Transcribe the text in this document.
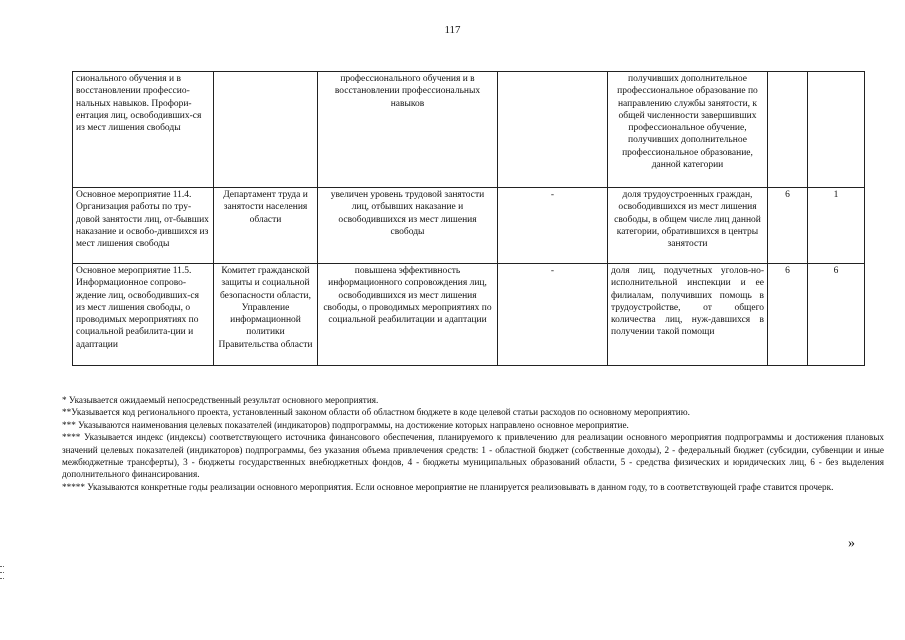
117
сионального обучения и в восстановлении профессио-нальных навыков. Профори-ентация лиц, освободивших-ся из мест лишения свободы		профессионального обучения и в восстановлении профессиональных навыков		получивших дополнительное профессиональное образование по направлению службы занятости, к общей численности завершивших профессиональное обучение, получивших дополнительное профессиональное образование, данной категории		
Основное мероприятие 11.4. Организация работы по тру-довой занятости лиц, от-бывших наказание и освобо-дившихся из мест лишения свободы	Департамент труда и занятости населения области	увеличен уровень трудовой занятости лиц, отбывших наказание и освободившихся из мест лишения свободы	-	доля трудоустроенных граждан, освободившихся из мест лишения свободы, в общем числе лиц данной категории, обратившихся в центры занятости	6	1
Основное мероприятие 11.5. Информационное сопрово-ждение лиц, освободивших-ся из мест лишения свободы, о проводимых мероприятиях по социальной реабилита-ции и адаптации	Комитет гражданской защиты и социальной безопасности области, Управление информационной политики Правительства области	повышена эффективность информационного сопровождения лиц, освободившихся из мест лишения свободы, о проводимых мероприятиях по социальной реабилитации и адаптации	-	доля лиц, подучетных уголов-но-исполнительной инспекции и ее филиалам, получивших помощь в трудоустройстве, от общего количества лиц, нуж-давшихся в получении такой помощи	6	6

* Указывается ожидаемый непосредственный результат основного мероприятия.

**Указывается код регионального проекта, установленный законом области об областном бюджете в коде целевой статьи расходов по основному мероприятию.

*** Указываются наименования целевых показателей (индикаторов) подпрограммы, на достижение которых направлено основное мероприятие.

**** Указывается индекс (индексы) соответствующего источника финансового обеспечения, планируемого к привлечению для реализации основного мероприятия подпрограммы и достижения плановых значений целевых показателей (индикаторов) подпрограммы, без указания объема привлечения средств: 1 - областной бюджет (собственные доходы), 2 - федеральный бюджет (субсидии, субвенции и иные межбюджетные трансферты), 3 - бюджеты государственных внебюджетных фондов, 4 - бюджеты муниципальных образований области, 5 - средства физических и юридических лиц, 6 - без выделения дополнительного финансирования.

***** Указываются конкретные годы реализации основного мероприятия. Если основное мероприятие не планируется реализовывать в данном году, то в соответствующей графе ставится прочерк.

»
